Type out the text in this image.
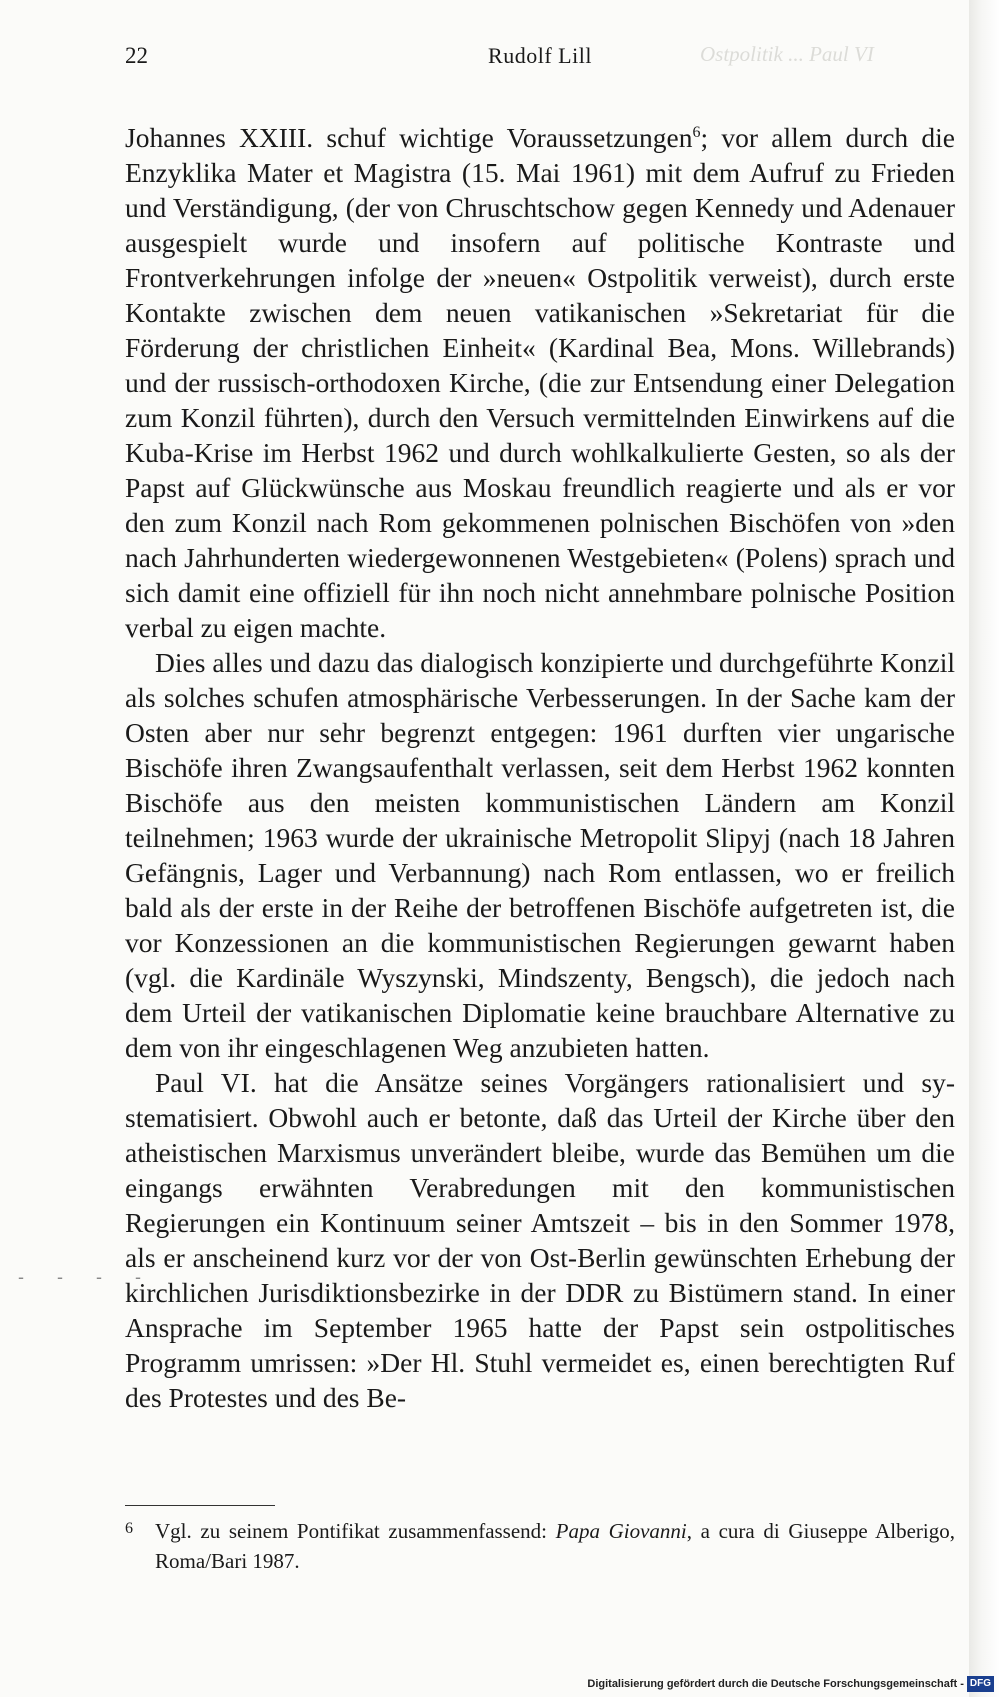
Ostpolitik ... Paul VI
22	Rudolf Lill

Johannes XXIII. schuf wichtige Voraussetzungen$^6$; vor allem durch die Enzyklika Mater et Magistra (15. Mai 1961) mit dem Aufruf zu Frieden und Verständigung, (der von Chruschtschow gegen Kennedy und Adenauer ausgespielt wurde und insofern auf politische Kontraste und Frontverkehrungen infolge der »neuen« Ostpolitik verweist), durch erste Kontakte zwischen dem neuen vatikanischen »Sekretariat für die Förderung der christlichen Einheit« (Kardinal Bea, Mons. Willebrands) und der russisch-orthodoxen Kirche, (die zur Entsendung einer Delegation zum Konzil führten), durch den Versuch vermittelnden Einwirkens auf die Kuba-Krise im Herbst 1962 und durch wohlkalkulierte Gesten, so als der Papst auf Glückwünsche aus Moskau freundlich reagierte und als er vor den zum Konzil nach Rom gekommenen polnischen Bischöfen von »den nach Jahrhunderten wiedergewonnenen Westgebieten« (Polens) sprach und sich damit eine offiziell für ihn noch nicht annehmbare polnische Position verbal zu eigen machte.

Dies alles und dazu das dialogisch konzipierte und durchgeführte Konzil als solches schufen atmosphärische Verbesserungen. In der Sache kam der Osten aber nur sehr begrenzt entgegen: 1961 durften vier ungarische Bischöfe ihren Zwangsaufenthalt verlassen, seit dem Herbst 1962 konnten Bischöfe aus den meisten kommunistischen Ländern am Konzil teilnehmen; 1963 wurde der ukrainische Metropolit Slipyj (nach 18 Jahren Gefängnis, Lager und Verbannung) nach Rom entlassen, wo er freilich bald als der erste in der Reihe der betroffenen Bischöfe aufgetreten ist, die vor Konzessionen an die kommunistischen Regierungen gewarnt haben (vgl. die Kardinäle Wyszynski, Mindszenty, Bengsch), die jedoch nach dem Urteil der vatikanischen Diplomatie keine brauchbare Alternative zu dem von ihr eingeschlagenen Weg anzubieten hatten.

Paul VI. hat die Ansätze seines Vorgängers rationalisiert und systematisiert. Obwohl auch er betonte, daß das Urteil der Kirche über den atheistischen Marxismus unverändert bleibe, wurde das Bemühen um die eingangs erwähnten Verabredungen mit den kommunistischen Regierungen ein Kontinuum seiner Amtszeit – bis in den Sommer 1978, als er anscheinend kurz vor der von Ost-Berlin gewünschten Erhebung der kirchlichen Jurisdiktionsbezirke in der DDR zu Bistümern stand. In einer Ansprache im September 1965 hatte der Papst sein ostpolitisches Programm umrissen: »Der Hl. Stuhl vermeidet es, einen berechtigten Ruf des Protestes und des Be-

- - - -
6 Vgl. zu seinem Pontifikat zusammenfassend: Papa Giovanni, a cura di Giuseppe Alberigo, Roma/Bari 1987.
Digitalisierung gefördert durch die Deutsche Forschungsgemeinschaft - DFG
